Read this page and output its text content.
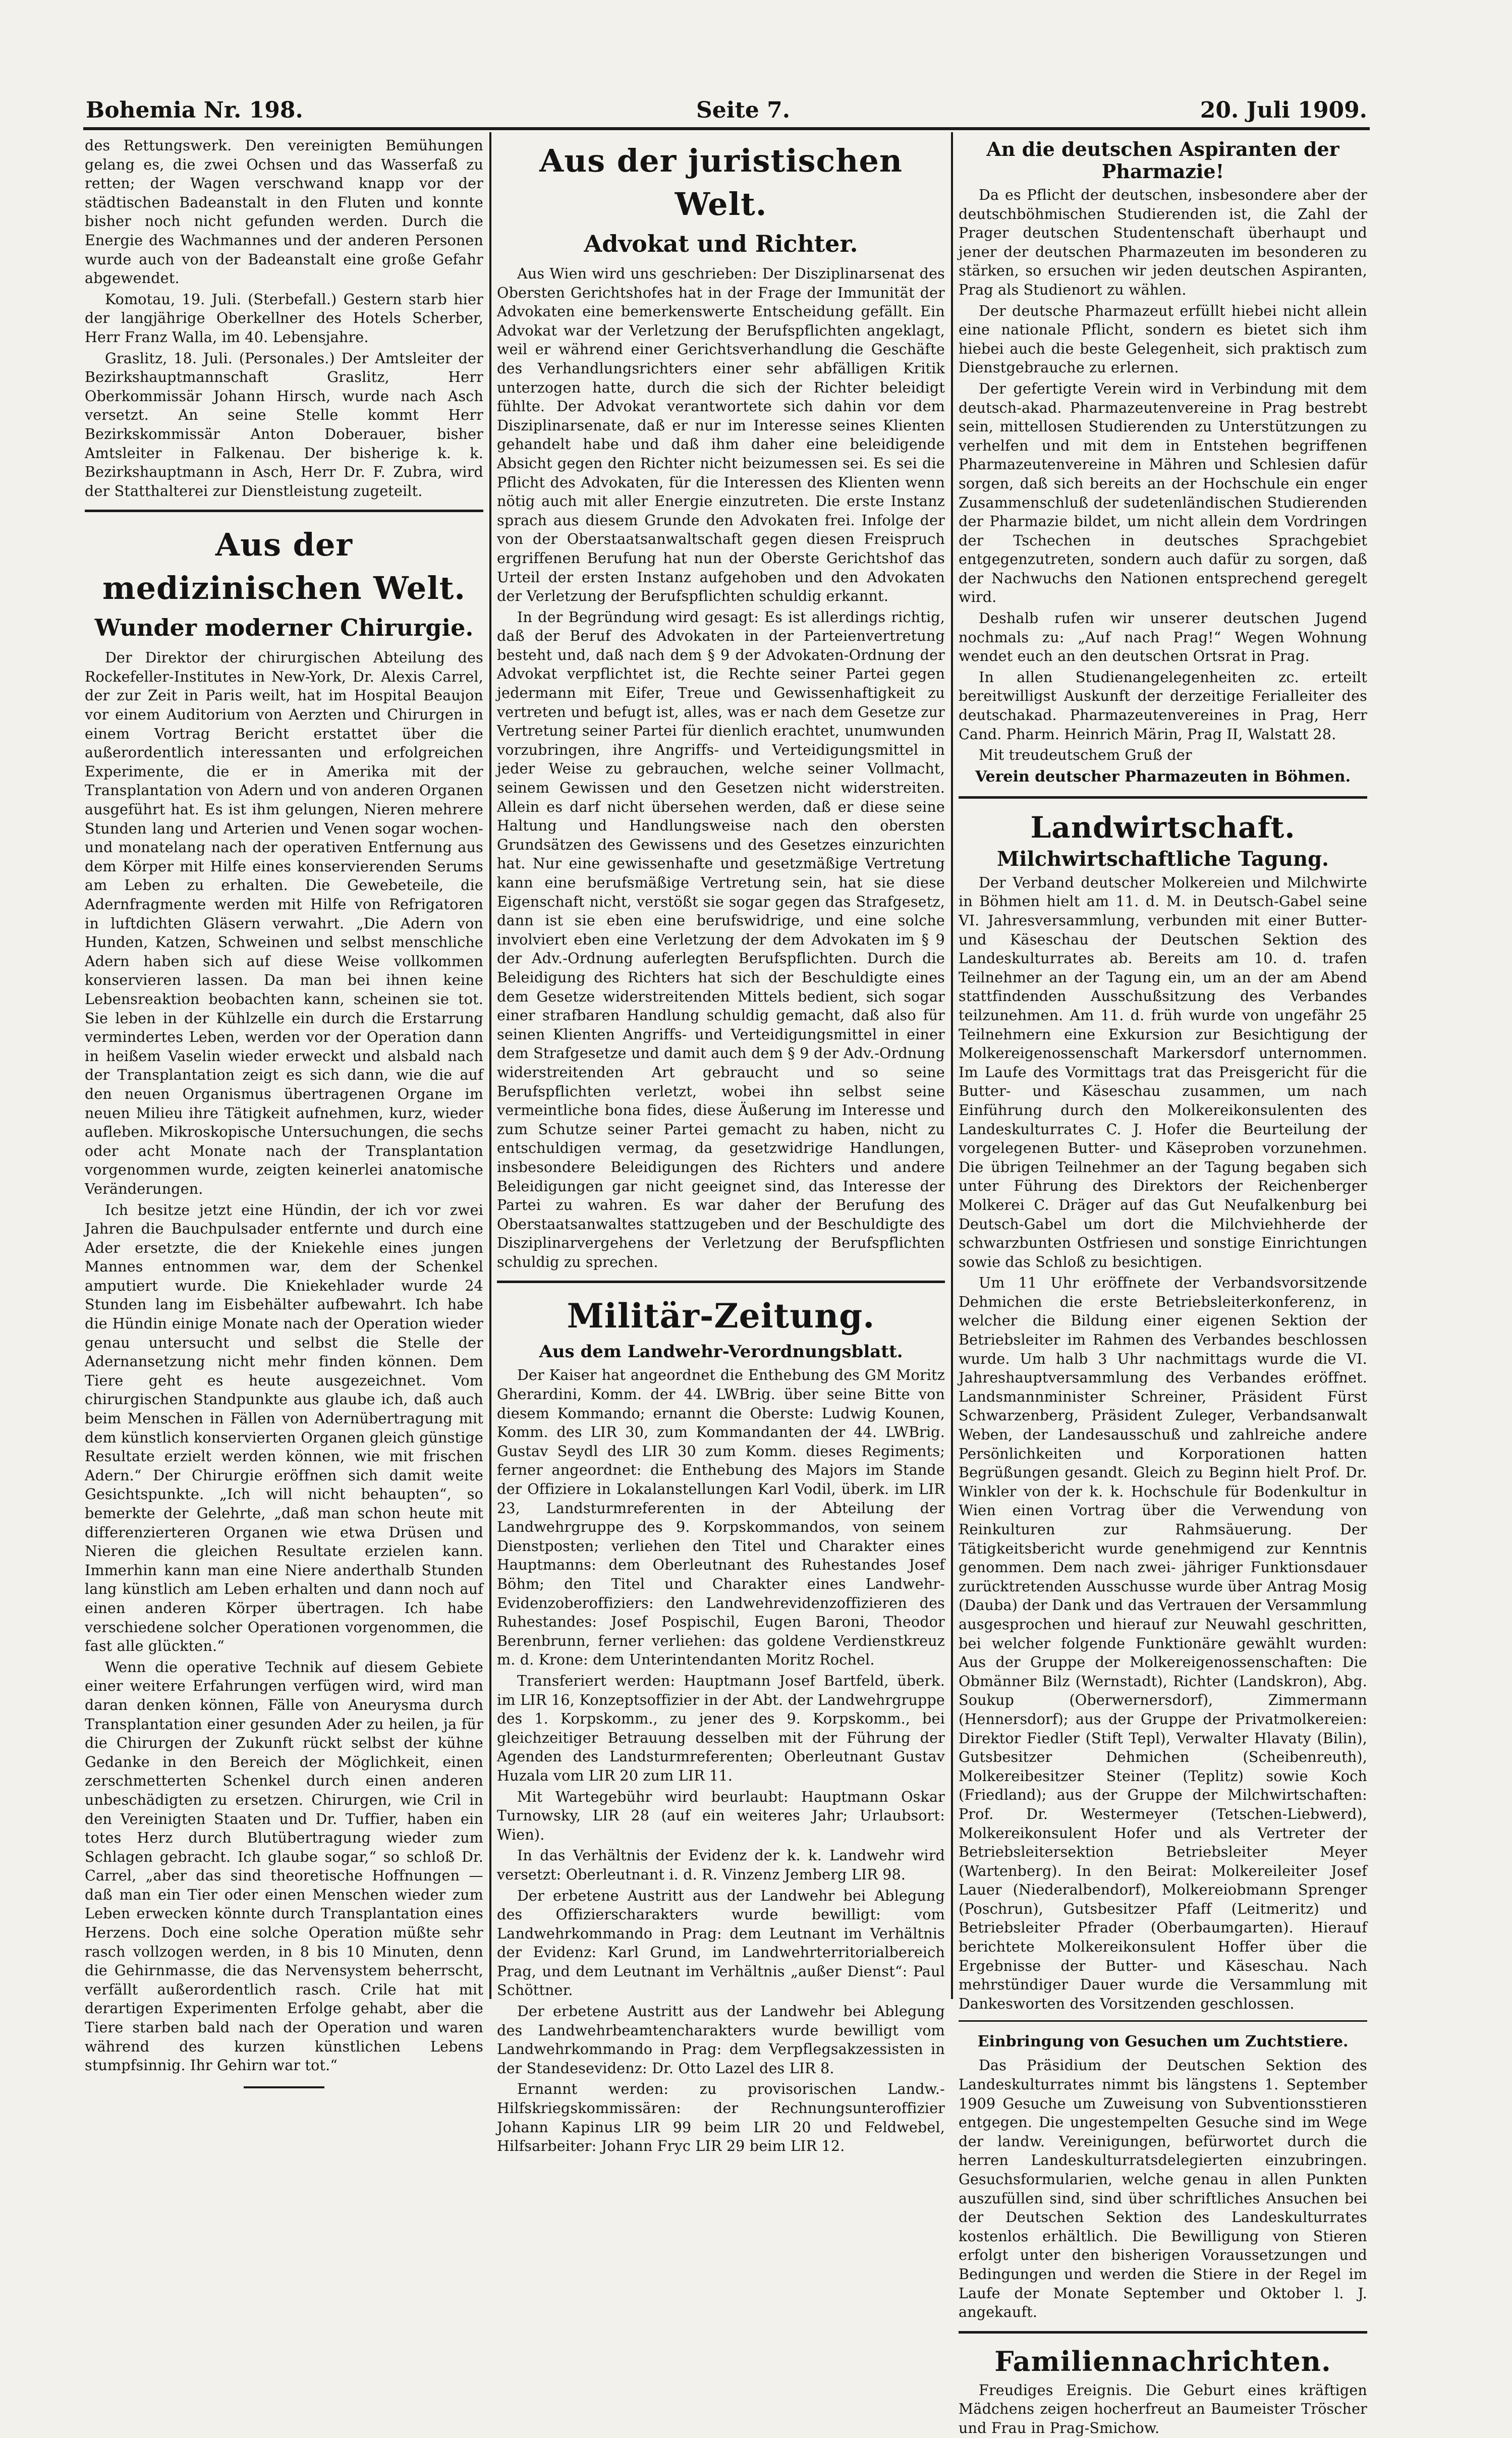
Bohemia Nr. 198.	Seite 7.	20. Juli 1909.

des Rettungswerk. Den vereinigten Bemühungen gelang es, die zwei Ochsen und das Wasserfaß zu retten; der Wagen verschwand knapp vor der städtischen Badeanstalt in den Fluten und konnte bisher noch nicht gefunden werden. Durch die Energie des Wachmannes und der anderen Personen wurde auch von der Badeanstalt eine große Gefahr abgewendet.

Komotau, 19. Juli. (Sterbefall.) Gestern starb hier der langjährige Oberkellner des Hotels Scherber, Herr Franz Walla, im 40. Lebensjahre.

Graslitz, 18. Juli. (Personales.) Der Amtsleiter der Bezirkshauptmannschaft Graslitz, Herr Oberkommissär Johann Hirsch, wurde nach Asch versetzt. An seine Stelle kommt Herr Bezirkskommissär Anton Doberauer, bisher Amtsleiter in Falkenau. Der bisherige k. k. Bezirkshauptmann in Asch, Herr Dr. F. Zubra, wird der Statthalterei zur Dienstleistung zugeteilt.

Aus der medizinischen Welt.
Wunder moderner Chirurgie.

Der Direktor der chirurgischen Abteilung des Rockefeller-Institutes in New-York, Dr. Alexis Carrel, der zur Zeit in Paris weilt, hat im Hospital Beaujon vor einem Auditorium von Aerzten und Chirurgen in einem Vortrag Bericht erstattet über die außerordentlich interessanten und erfolgreichen Experimente, die er in Amerika mit der Transplantation von Adern und von anderen Organen ausgeführt hat. Es ist ihm gelungen, Nieren mehrere Stunden lang und Arterien und Venen sogar wochen- und monatelang nach der operativen Entfernung aus dem Körper mit Hilfe eines konservierenden Serums am Leben zu erhalten. Die Gewebeteile, die Adernfragmente werden mit Hilfe von Refrigatoren in luftdichten Gläsern verwahrt. „Die Adern von Hunden, Katzen, Schweinen und selbst menschliche Adern haben sich auf diese Weise vollkommen konservieren lassen. Da man bei ihnen keine Lebensreaktion beobachten kann, scheinen sie tot. Sie leben in der Kühlzelle ein durch die Erstarrung vermindertes Leben, werden vor der Operation dann in heißem Vaselin wieder erweckt und alsbald nach der Transplantation zeigt es sich dann, wie die auf den neuen Organismus übertragenen Organe im neuen Milieu ihre Tätigkeit aufnehmen, kurz, wieder aufleben. Mikroskopische Untersuchungen, die sechs oder acht Monate nach der Transplantation vorgenommen wurde, zeigten keinerlei anatomische Veränderungen.

Ich besitze jetzt eine Hündin, der ich vor zwei Jahren die Bauchpulsader entfernte und durch eine Ader ersetzte, die der Kniekehle eines jungen Mannes entnommen war, dem der Schenkel amputiert wurde. Die Kniekehlader wurde 24 Stunden lang im Eisbehälter aufbewahrt. Ich habe die Hündin einige Monate nach der Operation wieder genau untersucht und selbst die Stelle der Adernansetzung nicht mehr finden können. Dem Tiere geht es heute ausgezeichnet. Vom chirurgischen Standpunkte aus glaube ich, daß auch beim Menschen in Fällen von Adernübertragung mit dem künstlich konservierten Organen gleich günstige Resultate erzielt werden können, wie mit frischen Adern.“ Der Chirurgie eröffnen sich damit weite Gesichtspunkte. „Ich will nicht behaupten“, so bemerkte der Gelehrte, „daß man schon heute mit differenzierteren Organen wie etwa Drüsen und Nieren die gleichen Resultate erzielen kann. Immerhin kann man eine Niere anderthalb Stunden lang künstlich am Leben erhalten und dann noch auf einen anderen Körper übertragen. Ich habe verschiedene solcher Operationen vorgenommen, die fast alle glückten.“

Wenn die operative Technik auf diesem Gebiete einer weitere Erfahrungen verfügen wird, wird man daran denken können, Fälle von Aneurysma durch Transplantation einer gesunden Ader zu heilen, ja für die Chirurgen der Zukunft rückt selbst der kühne Gedanke in den Bereich der Möglichkeit, einen zerschmetterten Schenkel durch einen anderen unbeschädigten zu ersetzen. Chirurgen, wie Cril in den Vereinigten Staaten und Dr. Tuffier, haben ein totes Herz durch Blutübertragung wieder zum Schlagen gebracht. Ich glaube sogar,“ so schloß Dr. Carrel, „aber das sind theoretische Hoffnungen — daß man ein Tier oder einen Menschen wieder zum Leben erwecken könnte durch Transplantation eines Herzens. Doch eine solche Operation müßte sehr rasch vollzogen werden, in 8 bis 10 Minuten, denn die Gehirnmasse, die das Nervensystem beherrscht, verfällt außerordentlich rasch. Crile hat mit derartigen Experimenten Erfolge gehabt, aber die Tiere starben bald nach der Operation und waren während des kurzen künstlichen Lebens stumpfsinnig. Ihr Gehirn war tot.“

Aus der juristischen Welt.
Advokat und Richter.

Aus Wien wird uns geschrieben: Der Disziplinarsenat des Obersten Gerichtshofes hat in der Frage der Immunität der Advokaten eine bemerkenswerte Entscheidung gefällt. Ein Advokat war der Verletzung der Berufspflichten angeklagt, weil er während einer Gerichtsverhandlung die Geschäfte des Verhandlungsrichters einer sehr abfälligen Kritik unterzogen hatte, durch die sich der Richter beleidigt fühlte. Der Advokat verantwortete sich dahin vor dem Disziplinarsenate, daß er nur im Interesse seines Klienten gehandelt habe und daß ihm daher eine beleidigende Absicht gegen den Richter nicht beizumessen sei. Es sei die Pflicht des Advokaten, für die Interessen des Klienten wenn nötig auch mit aller Energie einzutreten. Die erste Instanz sprach aus diesem Grunde den Advokaten frei. Infolge der von der Oberstaatsanwaltschaft gegen diesen Freispruch ergriffenen Berufung hat nun der Oberste Gerichtshof das Urteil der ersten Instanz aufgehoben und den Advokaten der Verletzung der Berufspflichten schuldig erkannt.

In der Begründung wird gesagt: Es ist allerdings richtig, daß der Beruf des Advokaten in der Parteienvertretung besteht und, daß nach dem § 9 der Advokaten-Ordnung der Advokat verpflichtet ist, die Rechte seiner Partei gegen jedermann mit Eifer, Treue und Gewissenhaftigkeit zu vertreten und befugt ist, alles, was er nach dem Gesetze zur Vertretung seiner Partei für dienlich erachtet, unumwunden vorzubringen, ihre Angriffs- und Verteidigungsmittel in jeder Weise zu gebrauchen, welche seiner Vollmacht, seinem Gewissen und den Gesetzen nicht widerstreiten. Allein es darf nicht übersehen werden, daß er diese seine Haltung und Handlungsweise nach den obersten Grundsätzen des Gewissens und des Gesetzes einzurichten hat. Nur eine gewissenhafte und gesetzmäßige Vertretung kann eine berufsmäßige Vertretung sein, hat sie diese Eigenschaft nicht, verstößt sie sogar gegen das Strafgesetz, dann ist sie eben eine berufswidrige, und eine solche involviert eben eine Verletzung der dem Advokaten im § 9 der Adv.-Ordnung auferlegten Berufspflichten. Durch die Beleidigung des Richters hat sich der Beschuldigte eines dem Gesetze widerstreitenden Mittels bedient, sich sogar einer strafbaren Handlung schuldig gemacht, daß also für seinen Klienten Angriffs- und Verteidigungsmittel in einer dem Strafgesetze und damit auch dem § 9 der Adv.-Ordnung widerstreitenden Art gebraucht und so seine Berufspflichten verletzt, wobei ihn selbst seine vermeintliche bona fides, diese Äußerung im Interesse und zum Schutze seiner Partei gemacht zu haben, nicht zu entschuldigen vermag, da gesetzwidrige Handlungen, insbesondere Beleidigungen des Richters und andere Beleidigungen gar nicht geeignet sind, das Interesse der Partei zu wahren. Es war daher der Berufung des Oberstaatsanwaltes stattzugeben und der Beschuldigte des Disziplinarvergehens der Verletzung der Berufspflichten schuldig zu sprechen.

Militär-Zeitung.
Aus dem Landwehr-Verordnungsblatt.

Der Kaiser hat angeordnet die Enthebung des GM Moritz Gherardini, Komm. der 44. LWBrig. über seine Bitte von diesem Kommando; ernannt die Oberste: Ludwig Kounen, Komm. des LIR 30, zum Kommandanten der 44. LWBrig. Gustav Seydl des LIR 30 zum Komm. dieses Regiments; ferner angeordnet: die Enthebung des Majors im Stande der Offiziere in Lokalanstellungen Karl Vodil, überk. im LIR 23, Landsturmreferenten in der Abteilung der Landwehrgruppe des 9. Korpskommandos, von seinem Dienstposten; verliehen den Titel und Charakter eines Hauptmanns: dem Oberleutnant des Ruhestandes Josef Böhm; den Titel und Charakter eines Landwehr-Evidenzoberoffiziers: den Landwehrevidenzoffizieren des Ruhestandes: Josef Pospischil, Eugen Baroni, Theodor Berenbrunn, ferner verliehen: das goldene Verdienstkreuz m. d. Krone: dem Unterintendanten Moritz Rochel.

Transferiert werden: Hauptmann Josef Bartfeld, überk. im LIR 16, Konzeptsoffizier in der Abt. der Landwehrgruppe des 1. Korpskomm., zu jener des 9. Korpskomm., bei gleichzeitiger Betrauung desselben mit der Führung der Agenden des Landsturmreferenten; Oberleutnant Gustav Huzala vom LIR 20 zum LIR 11.

Mit Wartegebühr wird beurlaubt: Hauptmann Oskar Turnowsky, LIR 28 (auf ein weiteres Jahr; Urlaubsort: Wien).

In das Verhältnis der Evidenz der k. k. Landwehr wird versetzt: Oberleutnant i. d. R. Vinzenz Jemberg LIR 98.

Der erbetene Austritt aus der Landwehr bei Ablegung des Offizierscharakters wurde bewilligt: vom Landwehrkommando in Prag: dem Leutnant im Verhältnis der Evidenz: Karl Grund, im Landwehrterritorialbereich Prag, und dem Leutnant im Verhältnis „außer Dienst“: Paul Schöttner.

Der erbetene Austritt aus der Landwehr bei Ablegung des Landwehrbeamtencharakters wurde bewilligt vom Landwehrkommando in Prag: dem Verpflegsakzessisten in der Standesevidenz: Dr. Otto Lazel des LIR 8.

Ernannt werden: zu provisorischen Landw.-Hilfskriegskommissären: der Rechnungsunteroffizier Johann Kapinus LIR 99 beim LIR 20 und Feldwebel, Hilfsarbeiter: Johann Fryc LIR 29 beim LIR 12.

An die deutschen Aspiranten der Pharmazie!

Da es Pflicht der deutschen, insbesondere aber der deutschböhmischen Studierenden ist, die Zahl der Prager deutschen Studentenschaft überhaupt und jener der deutschen Pharmazeuten im besonderen zu stärken, so ersuchen wir jeden deutschen Aspiranten, Prag als Studienort zu wählen.

Der deutsche Pharmazeut erfüllt hiebei nicht allein eine nationale Pflicht, sondern es bietet sich ihm hiebei auch die beste Gelegenheit, sich praktisch zum Dienstgebrauche zu erlernen.

Der gefertigte Verein wird in Verbindung mit dem deutsch-akad. Pharmazeutenvereine in Prag bestrebt sein, mittellosen Studierenden zu Unterstützungen zu verhelfen und mit dem in Entstehen begriffenen Pharmazeutenvereine in Mähren und Schlesien dafür sorgen, daß sich bereits an der Hochschule ein enger Zusammenschluß der sudetenländischen Studierenden der Pharmazie bildet, um nicht allein dem Vordringen der Tschechen in deutsches Sprachgebiet entgegenzutreten, sondern auch dafür zu sorgen, daß der Nachwuchs den Nationen entsprechend geregelt wird.

Deshalb rufen wir unserer deutschen Jugend nochmals zu: „Auf nach Prag!“ Wegen Wohnung wendet euch an den deutschen Ortsrat in Prag.

In allen Studienangelegenheiten zc. erteilt bereitwilligst Auskunft der derzeitige Ferialleiter des deutschakad. Pharmazeutenvereines in Prag, Herr Cand. Pharm. Heinrich Märin, Prag II, Walstatt 28.

Mit treudeutschem Gruß der

Verein deutscher Pharmazeuten in Böhmen.
Landwirtschaft.
Milchwirtschaftliche Tagung.

Der Verband deutscher Molkereien und Milchwirte in Böhmen hielt am 11. d. M. in Deutsch-Gabel seine VI. Jahresversammlung, verbunden mit einer Butter- und Käseschau der Deutschen Sektion des Landeskulturrates ab. Bereits am 10. d. trafen Teilnehmer an der Tagung ein, um an der am Abend stattfindenden Ausschußsitzung des Verbandes teilzunehmen. Am 11. d. früh wurde von ungefähr 25 Teilnehmern eine Exkursion zur Besichtigung der Molkereigenossenschaft Markersdorf unternommen. Im Laufe des Vormittags trat das Preisgericht für die Butter- und Käseschau zusammen, um nach Einführung durch den Molkereikonsulenten des Landeskulturrates C. J. Hofer die Beurteilung der vorgelegenen Butter- und Käseproben vorzunehmen. Die übrigen Teilnehmer an der Tagung begaben sich unter Führung des Direktors der Reichenberger Molkerei C. Dräger auf das Gut Neufalkenburg bei Deutsch-Gabel um dort die Milchviehherde der schwarzbunten Ostfriesen und sonstige Einrichtungen sowie das Schloß zu besichtigen.

Um 11 Uhr eröffnete der Verbandsvorsitzende Dehmichen die erste Betriebsleiterkonferenz, in welcher die Bildung einer eigenen Sektion der Betriebsleiter im Rahmen des Verbandes beschlossen wurde. Um halb 3 Uhr nachmittags wurde die VI. Jahreshauptversammlung des Verbandes eröffnet. Landsmannminister Schreiner, Präsident Fürst Schwarzenberg, Präsident Zuleger, Verbandsanwalt Weben, der Landesausschuß und zahlreiche andere Persönlichkeiten und Korporationen hatten Begrüßungen gesandt. Gleich zu Beginn hielt Prof. Dr. Winkler von der k. k. Hochschule für Bodenkultur in Wien einen Vortrag über die Verwendung von Reinkulturen zur Rahmsäuerung. Der Tätigkeitsbericht wurde genehmigend zur Kenntnis genommen. Dem nach zwei- jähriger Funktionsdauer zurücktretenden Ausschusse wurde über Antrag Mosig (Dauba) der Dank und das Vertrauen der Versammlung ausgesprochen und hierauf zur Neuwahl geschritten, bei welcher folgende Funktionäre gewählt wurden: Aus der Gruppe der Molkereigenossenschaften: Die Obmänner Bilz (Wernstadt), Richter (Landskron), Abg. Soukup (Oberwernersdorf), Zimmermann (Hennersdorf); aus der Gruppe der Privatmolkereien: Direktor Fiedler (Stift Tepl), Verwalter Hlavaty (Bilin), Gutsbesitzer Dehmichen (Scheibenreuth), Molkereibesitzer Steiner (Teplitz) sowie Koch (Friedland); aus der Gruppe der Milchwirtschaften: Prof. Dr. Westermeyer (Tetschen-Liebwerd), Molkereikonsulent Hofer und als Vertreter der Betriebsleitersektion Betriebsleiter Meyer (Wartenberg). In den Beirat: Molkereileiter Josef Lauer (Niederalbendorf), Molkereiobmann Sprenger (Poschrun), Gutsbesitzer Pfaff (Leitmeritz) und Betriebsleiter Pfrader (Oberbaumgarten). Hierauf berichtete Molkereikonsulent Hoffer über die Ergebnisse der Butter- und Käseschau. Nach mehrstündiger Dauer wurde die Versammlung mit Dankesworten des Vorsitzenden geschlossen.

Einbringung von Gesuchen um Zuchtstiere.

Das Präsidium der Deutschen Sektion des Landeskulturrates nimmt bis längstens 1. September 1909 Gesuche um Zuweisung von Subventionsstieren entgegen. Die ungestempelten Gesuche sind im Wege der landw. Vereinigungen, befürwortet durch die herren Landeskulturratsdelegierten einzubringen. Gesuchsformularien, welche genau in allen Punkten auszufüllen sind, sind über schriftliches Ansuchen bei der Deutschen Sektion des Landeskulturrates kostenlos erhältlich. Die Bewilligung von Stieren erfolgt unter den bisherigen Voraussetzungen und Bedingungen und werden die Stiere in der Regel im Laufe der Monate September und Oktober l. J. angekauft.

Familiennachrichten.

Freudiges Ereignis. Die Geburt eines kräftigen Mädchens zeigen hocherfreut an Baumeister Tröscher und Frau in Prag-Smichow.
